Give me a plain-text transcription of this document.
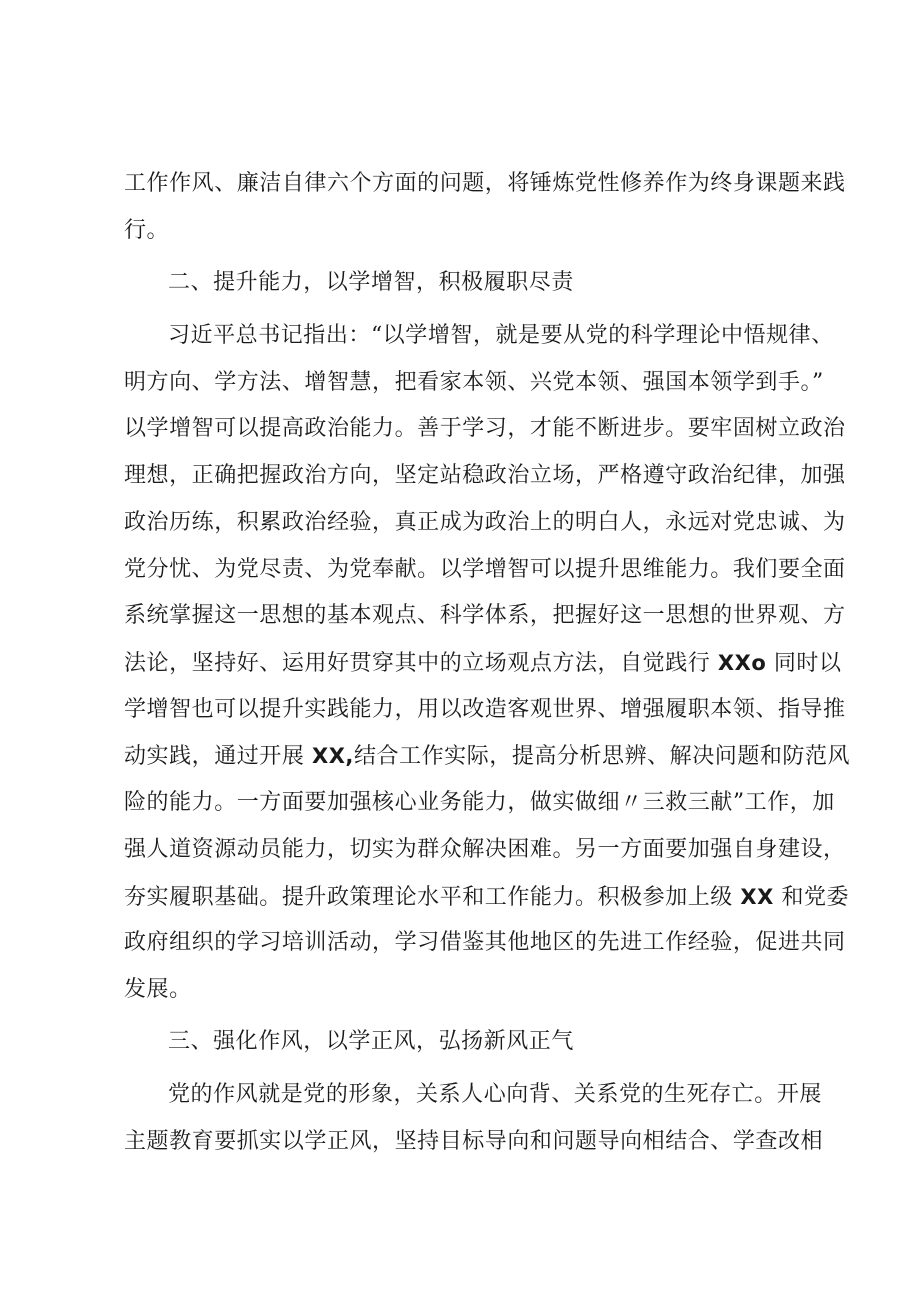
工作作风、廉洁自律六个方面的问题，将锤炼党性修养作为终身课题来践
行。
二、提升能力，以学增智，积极履职尽责
习近平总书记指出：“以学增智，就是要从党的科学理论中悟规律、
明方向、学方法、增智慧，把看家本领、兴党本领、强国本领学到手。”
以学增智可以提高政治能力。善于学习，才能不断进步。要牢固树立政治
理想，正确把握政治方向，坚定站稳政治立场，严格遵守政治纪律，加强
政治历练，积累政治经验，真正成为政治上的明白人，永远对党忠诚、为
党分忧、为党尽责、为党奉献。以学增智可以提升思维能力。我们要全面
系统掌握这一思想的基本观点、科学体系，把握好这一思想的世界观、方
法论，坚持好、运用好贯穿其中的立场观点方法，自觉践行 XXo 同时以
学增智也可以提升实践能力，用以改造客观世界、增强履职本领、指导推
动实践，通过开展 XX,结合工作实际，提高分析思辨、解决问题和防范风
险的能力。一方面要加强核心业务能力，做实做细〃三救三献”工作，加
强人道资源动员能力，切实为群众解决困难。另一方面要加强自身建设，
夯实履职基础。提升政策理论水平和工作能力。积极参加上级 XX 和党委
政府组织的学习培训活动，学习借鉴其他地区的先进工作经验，促进共同
发展。
三、强化作风，以学正风，弘扬新风正气
党的作风就是党的形象，关系人心向背、关系党的生死存亡。开展
主题教育要抓实以学正风，坚持目标导向和问题导向相结合、学查改相
